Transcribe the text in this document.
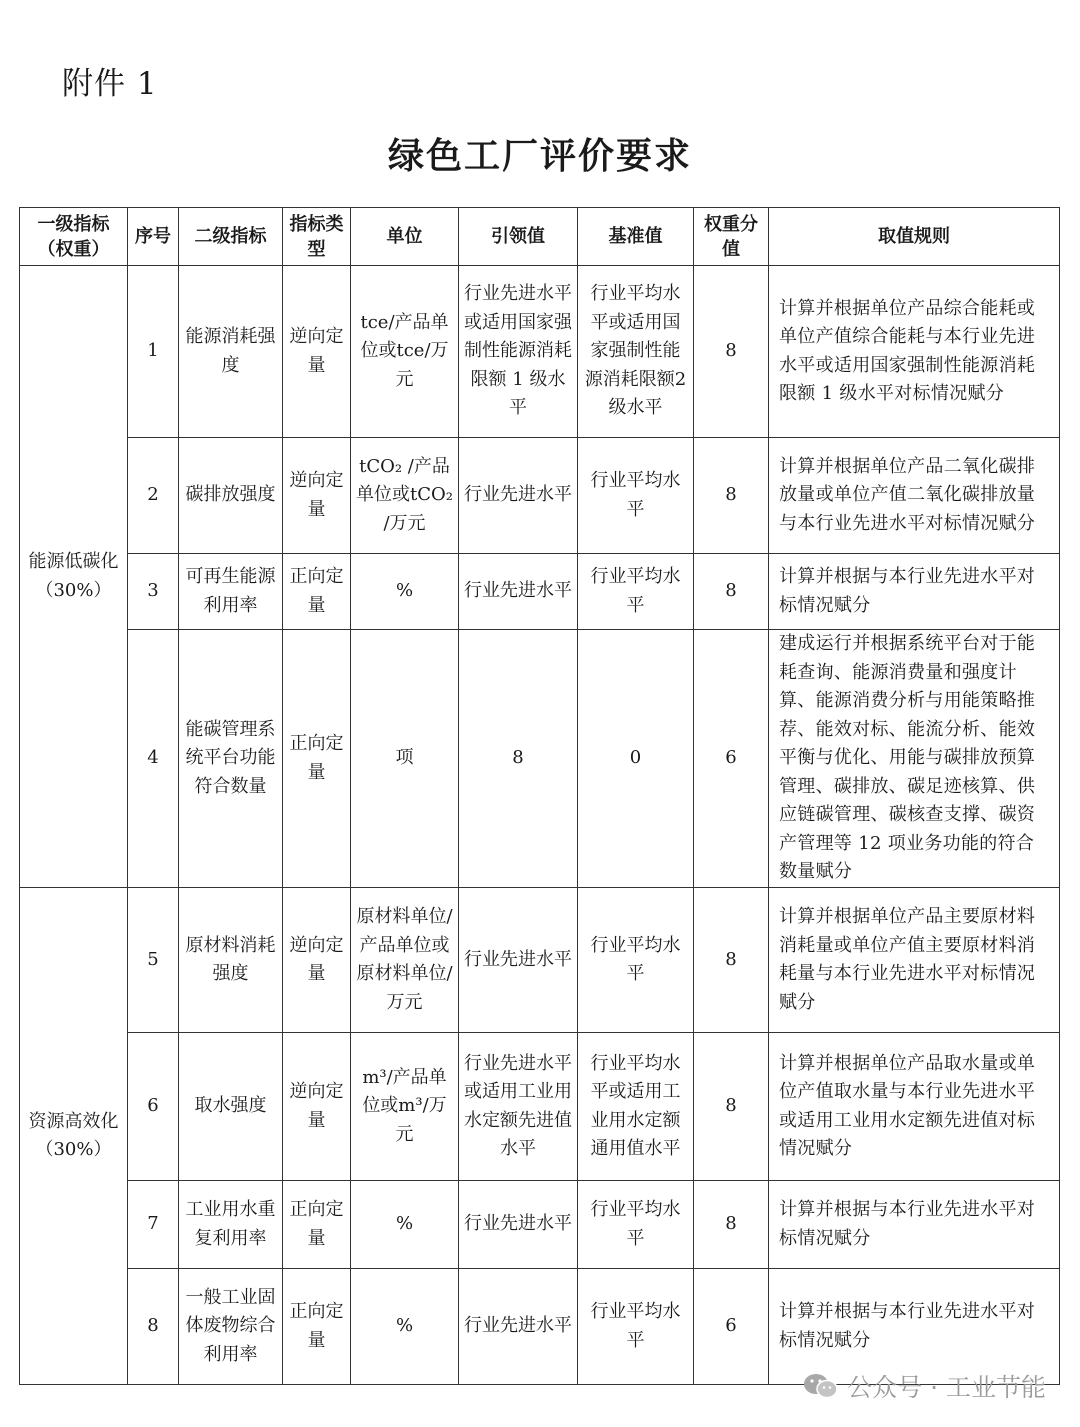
附件 1
绿色工厂评价要求
一级指标（权重）	序号	二级指标	指标类型	单位	引领值	基准值	权重分值	取值规则
能源低碳化（30%）	1	能源消耗强度	逆向定量	tce/产品单位或tce/万元	行业先进水平或适用国家强制性能源消耗限额 1 级水平	行业平均水平或适用国家强制性能源消耗限额2级水平	8	计算并根据单位产品综合能耗或单位产值综合能耗与本行业先进水平或适用国家强制性能源消耗限额 1 级水平对标情况赋分
	2	碳排放强度	逆向定量	tCO₂ /产品单位或tCO₂ /万元	行业先进水平	行业平均水平	8	计算并根据单位产品二氧化碳排放量或单位产值二氧化碳排放量与本行业先进水平对标情况赋分
	3	可再生能源利用率	正向定量	%	行业先进水平	行业平均水平	8	计算并根据与本行业先进水平对标情况赋分
	4	能碳管理系统平台功能符合数量	正向定量	项	8	0	6	建成运行并根据系统平台对于能耗查询、能源消费量和强度计算、能源消费分析与用能策略推荐、能效对标、能流分析、能效平衡与优化、用能与碳排放预算管理、碳排放、碳足迹核算、供应链碳管理、碳核查支撑、碳资产管理等 12 项业务功能的符合数量赋分
资源高效化（30%）	5	原材料消耗强度	逆向定量	原材料单位/产品单位或原材料单位/万元	行业先进水平	行业平均水平	8	计算并根据单位产品主要原材料消耗量或单位产值主要原材料消耗量与本行业先进水平对标情况赋分
	6	取水强度	逆向定量	m³/产品单位或m³/万元	行业先进水平或适用工业用水定额先进值水平	行业平均水平或适用工业用水定额通用值水平	8	计算并根据单位产品取水量或单位产值取水量与本行业先进水平或适用工业用水定额先进值对标情况赋分
	7	工业用水重复利用率	正向定量	%	行业先进水平	行业平均水平	8	计算并根据与本行业先进水平对标情况赋分
	8	一般工业固体废物综合利用率	正向定量	%	行业先进水平	行业平均水平	6	计算并根据与本行业先进水平对标情况赋分
公众号 · 工业节能
